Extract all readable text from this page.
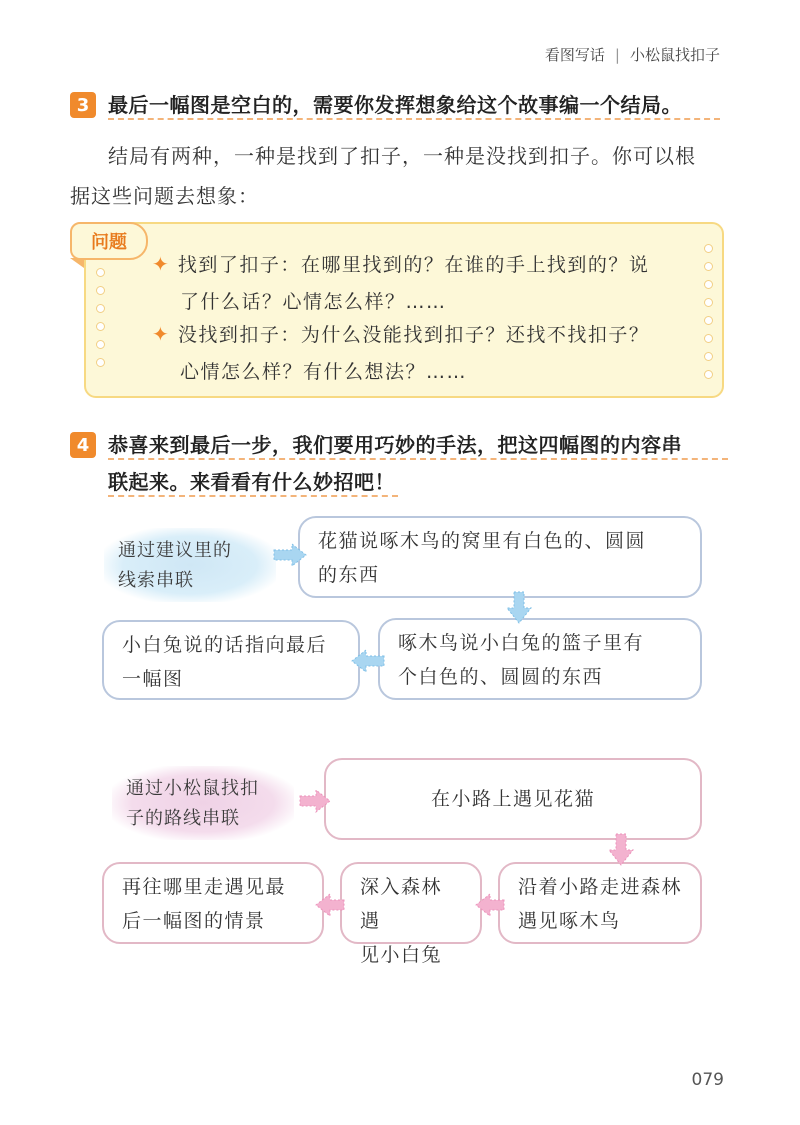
看图写话 | 小松鼠找扣子
3 最后一幅图是空白的，需要你发挥想象给这个故事编一个结局。
结局有两种，一种是找到了扣子，一种是没找到扣子。你可以根
据这些问题去想象：
问题
✦ 找到了扣子：在哪里找到的？在谁的手上找到的？说
了什么话？心情怎么样？……
✦ 没找到扣子：为什么没能找到扣子？还找不找扣子？
心情怎么样？有什么想法？……
4 恭喜来到最后一步，我们要用巧妙的手法，把这四幅图的内容串
联起来。来看看有什么妙招吧！
通过建议里的
线索串联
花猫说啄木鸟的窝里有白色的、圆圆
的东西
啄木鸟说小白兔的篮子里有
个白色的、圆圆的东西
小白兔说的话指向最后
一幅图
通过小松鼠找扣
子的路线串联
在小路上遇见花猫
沿着小路走进森林
遇见啄木鸟
深入森林遇
见小白兔
再往哪里走遇见最
后一幅图的情景
079
